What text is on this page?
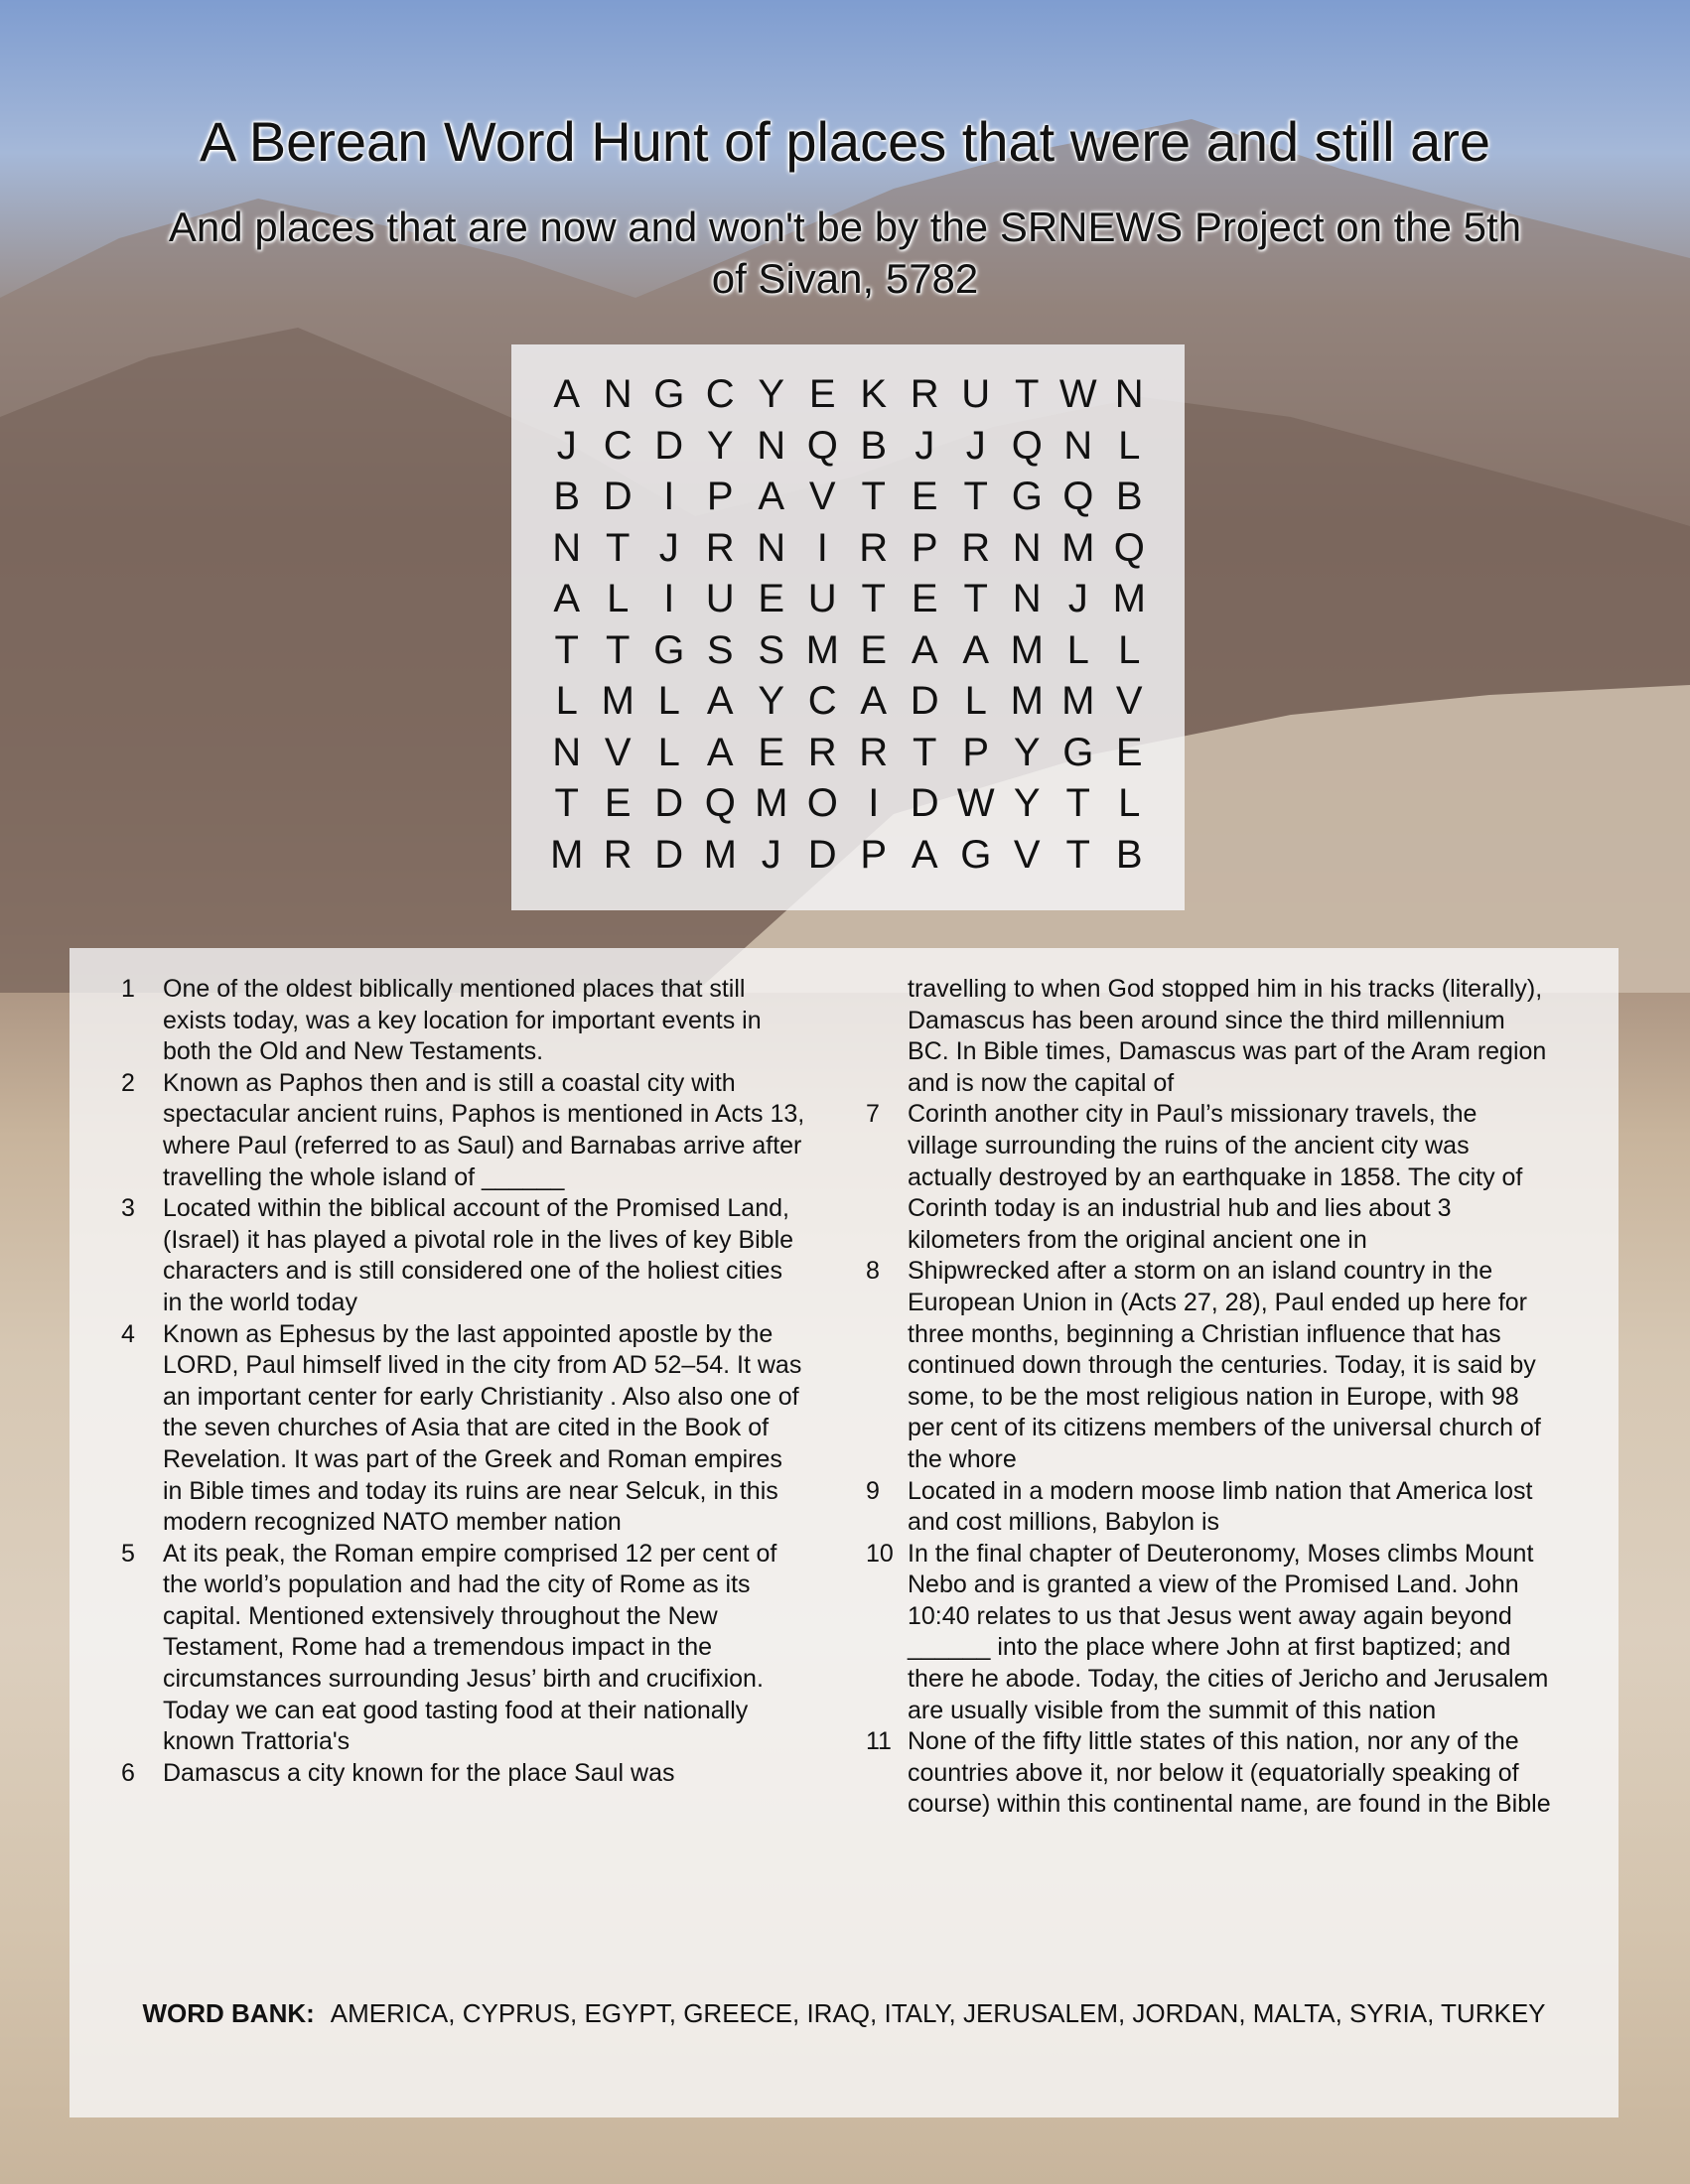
A Berean Word Hunt of places that were and still are
And places that are now and won't be by the SRNEWS Project on the 5th of Sivan, 5782
A N G C Y E K R U T W N
J C D Y N Q B J J Q N L
B D I P A V T E T G Q B
N T J R N I R P R N M Q
A L I U E U T E T N J M
T T G S S M E A A M L L
L M L A Y C A D L M M V
N V L A E R R T P Y G E
T E D Q M O I D W Y T L
M R D M J D P A G V T B
1	One of the oldest biblically mentioned places that still exists today, was a key location for important events in both the Old and New Testaments.
2	Known as Paphos then and is still a coastal city with spectacular ancient ruins, Paphos is mentioned in Acts 13, where Paul (referred to as Saul) and Barnabas arrive after travelling the whole island of ______
3	Located within the biblical account of the Promised Land, (Israel) it has played a pivotal role in the lives of key Bible characters and is still considered one of the holiest cities in the world today
4	Known as Ephesus by the last appointed apostle by the LORD, Paul himself lived in the city from AD 52–54. It was an important center for early Christianity . Also also one of the seven churches of Asia that are cited in the Book of Revelation. It was part of the Greek and Roman empires in Bible times and today its ruins are near Selcuk, in this modern recognized NATO member nation
5	At its peak, the Roman empire comprised 12 per cent of the world’s population and had the city of Rome as its capital. Mentioned extensively throughout the New Testament, Rome had a tremendous impact in the circumstances surrounding Jesus’ birth and crucifixion. Today we can eat good tasting food at their nationally known Trattoria's
6	Damascus a city known for the place Saul was
travelling to when God stopped him in his tracks (literally), Damascus has been around since the third millennium BC. In Bible times, Damascus was part of the Aram region and is now the capital of
7	Corinth another city in Paul’s missionary travels, the village surrounding the ruins of the ancient city was actually destroyed by an earthquake in 1858. The city of Corinth today is an industrial hub and lies about 3 kilometers from the original ancient one in
8	Shipwrecked after a storm on an island country in the European Union in (Acts 27, 28), Paul ended up here for three months, beginning a Christian influence that has continued down through the centuries. Today, it is said by some, to be the most religious nation in Europe, with 98 per cent of its citizens members of the universal church of the whore
9	Located in a modern moose limb nation that America lost and cost millions, Babylon is
10 In the final chapter of Deuteronomy, Moses climbs Mount Nebo and is granted a view of the Promised Land. John 10:40 relates to us that Jesus went away again beyond ______ into the place where John at first baptized; and there he abode. Today, the cities of Jericho and Jerusalem are usually visible from the summit of this nation
11 None of the fifty little states of this nation, nor any of the countries above it, nor below it (equatorially speaking of course) within this continental name, are found in the Bible
WORD BANK: AMERICA, CYPRUS, EGYPT, GREECE, IRAQ, ITALY, JERUSALEM, JORDAN, MALTA, SYRIA, TURKEY
